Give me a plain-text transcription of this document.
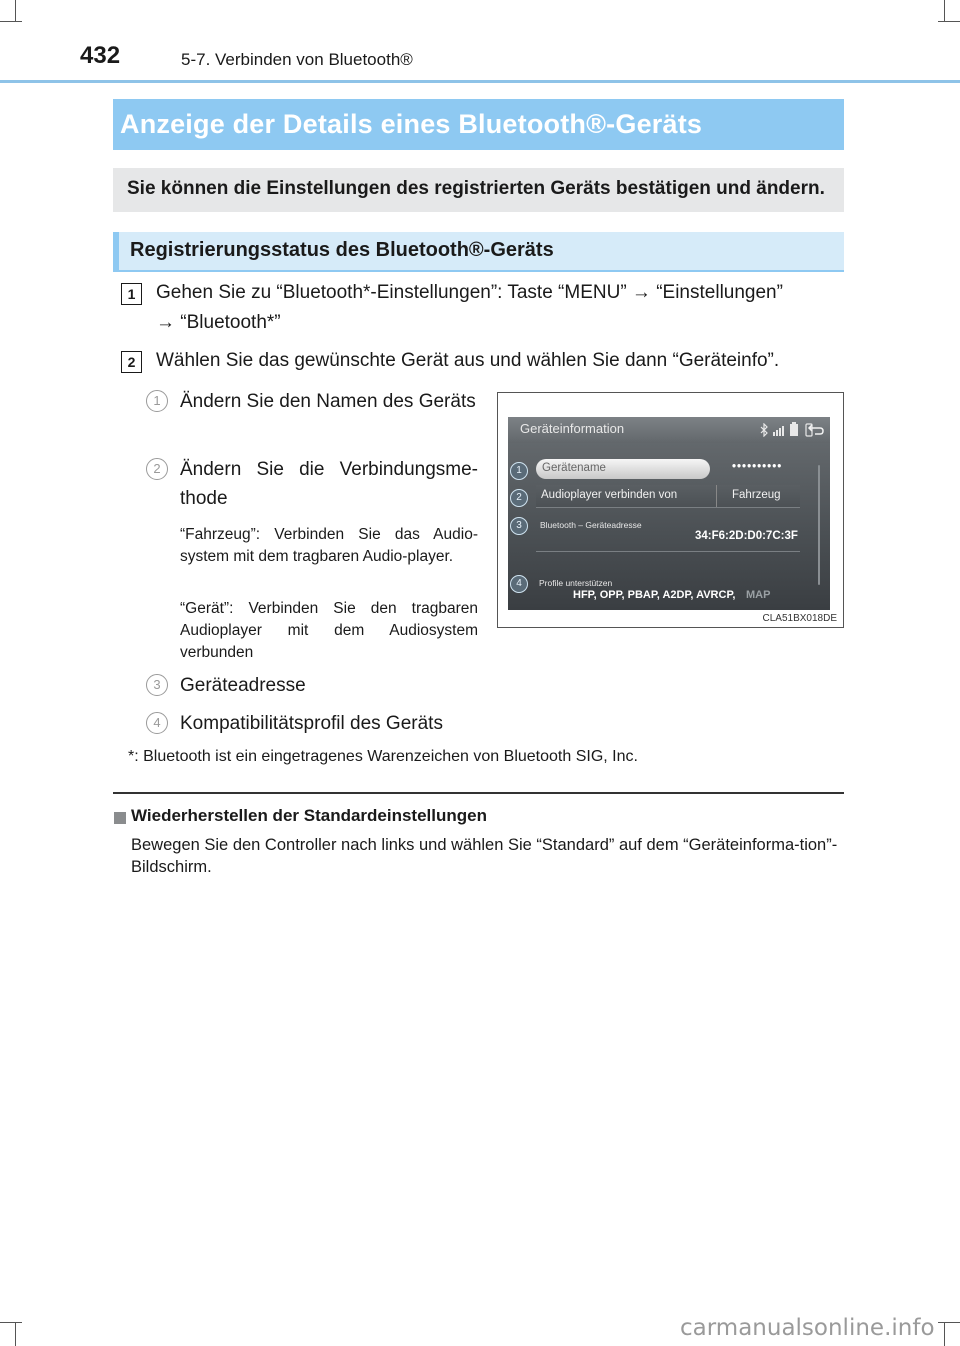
432	5-7. Verbinden von Bluetooth®
Anzeige der Details eines Bluetooth®-Geräts
Sie können die Einstellungen des registrierten Geräts bestätigen und ändern.
Registrierungsstatus des Bluetooth®-Geräts
1	Gehen Sie zu “Bluetooth*-Einstellungen”: Taste “MENU” → “Einstellungen”
→ “Bluetooth*”
2	Wählen Sie das gewünschte Gerät aus und wählen Sie dann “Geräteinfo”.
1	Ändern Sie den Namen des Geräts
2	Ändern Sie die Verbindungsme-thode
“Fahrzeug”: Verbinden Sie das Audio-system mit dem tragbaren Audio-player.
“Gerät”: Verbinden Sie den tragbaren Audioplayer mit dem Audiosystem verbunden
3	Geräteadresse
4	Kompatibilitätsprofil des Geräts
Geräteinformation
Gerätename	••••••••••
1
Audioplayer verbinden von	Fahrzeug
2
Bluetooth – Geräteadresse
34:F6:2D:D0:7C:3F
3
Profile unterstützen
HFP, OPP, PBAP, A2DP, AVRCP, MAP
4
CLA51BX018DE
*: Bluetooth ist ein eingetragenes Warenzeichen von Bluetooth SIG, Inc.
Wiederherstellen der Standardeinstellungen
Bewegen Sie den Controller nach links und wählen Sie “Standard” auf dem “Geräteinforma-tion”-Bildschirm.
carmanualsonline.info
